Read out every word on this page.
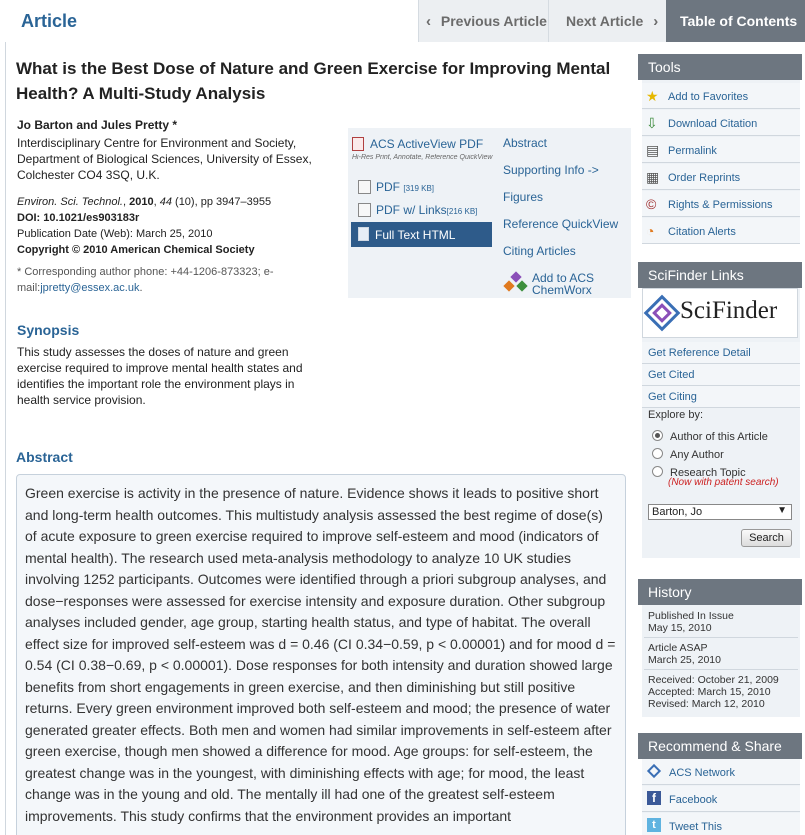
Article	‹ Previous Article	Next Article ›	Table of Contents
What is the Best Dose of Nature and Green Exercise for Improving Mental Health? A Multi-Study Analysis
Jo Barton and Jules Pretty *
Interdisciplinary Centre for Environment and Society, Department of Biological Sciences, University of Essex, Colchester CO4 3SQ, U.K.
Environ. Sci. Technol., 2010, 44 (10), pp 3947–3955
DOI: 10.1021/es903183r
Publication Date (Web): March 25, 2010
Copyright © 2010 American Chemical Society
* Corresponding author phone: +44-1206-873323; e-mail:jpretty@essex.ac.uk.
ACS ActiveView PDF
Hi-Res Print, Annotate, Reference QuickView
PDF [319 KB]
PDF w/ Links[216 KB]
Full Text HTML
Abstract
Supporting Info ->
Figures
Reference QuickView
Citing Articles
Add to ACS ChemWorx
Synopsis
This study assesses the doses of nature and green exercise required to improve mental health states and identifies the important role the environment plays in health service provision.
Abstract
Green exercise is activity in the presence of nature. Evidence shows it leads to positive short and long-term health outcomes. This multistudy analysis assessed the best regime of dose(s) of acute exposure to green exercise required to improve self-esteem and mood (indicators of mental health). The research used meta-analysis methodology to analyze 10 UK studies involving 1252 participants. Outcomes were identified through a priori subgroup analyses, and dose−responses were assessed for exercise intensity and exposure duration. Other subgroup analyses included gender, age group, starting health status, and type of habitat. The overall effect size for improved self-esteem was d = 0.46 (CI 0.34−0.59, p < 0.00001) and for mood d = 0.54 (CI 0.38−0.69, p < 0.00001). Dose responses for both intensity and duration showed large benefits from short engagements in green exercise, and then diminishing but still positive returns. Every green environment improved both self-esteem and mood; the presence of water generated greater effects. Both men and women had similar improvements in self-esteem after green exercise, though men showed a difference for mood. Age groups: for self-esteem, the greatest change was in the youngest, with diminishing effects with age; for mood, the least change was in the young and old. The mentally ill had one of the greatest self-esteem improvements. This study confirms that the environment provides an important
Tools
★ Add to Favorites
⇩ Download Citation
▤ Permalink
▦ Order Reprints
©	Rights & Permissions
◔	Citation Alerts
SciFinder Links
SciFinder
Get Reference Detail
Get Cited
Get Citing
Explore by:
Author of this Article
Any Author
Research Topic
(Now with patent search)
Barton, Jo	▼
Search
History
Published In Issue
May 15, 2010
Article ASAP
March 25, 2010
Received: October 21, 2009
Accepted: March 15, 2010
Revised: March 12, 2010
Recommend & Share
ACS Network
f	Facebook
t	Tweet This
